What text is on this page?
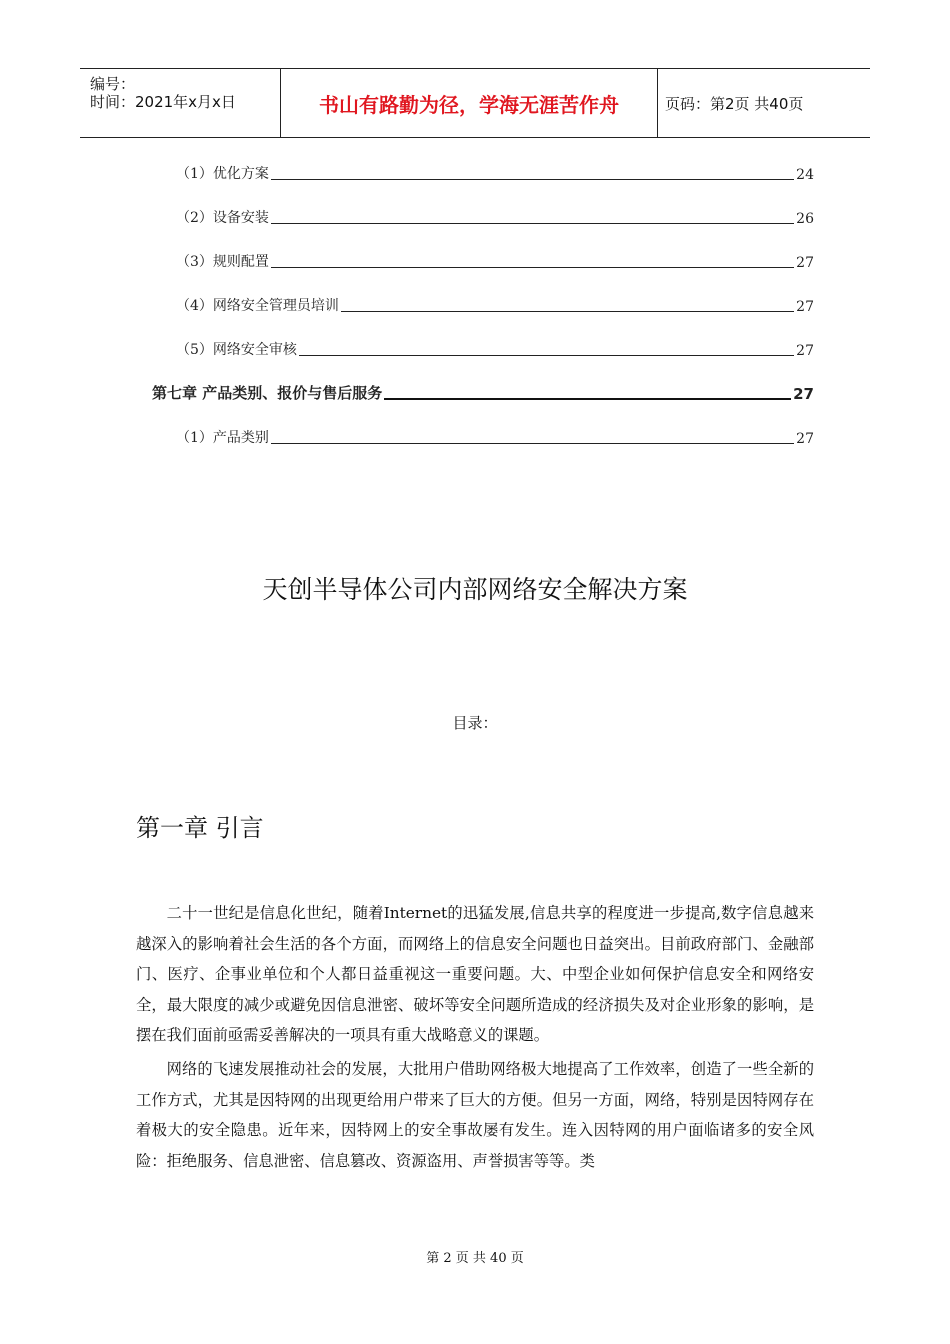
编号：
时间：2021年x月x日	书山有路勤为径，学海无涯苦作舟	页码：第2页 共40页
（1）优化方案	24
（2）设备安装	26
（3）规则配置	27
（4）网络安全管理员培训	27
（5）网络安全审核	27
第七章 产品类别、报价与售后服务	27
（1）产品类别	27
天创半导体公司内部网络安全解决方案
目录：
第一章 引言

二十一世纪是信息化世纪，随着Internet的迅猛发展,信息共享的程度进一步提高,数字信息越来越深入的影响着社会生活的各个方面，而网络上的信息安全问题也日益突出。目前政府部门、金融部门、医疗、企事业单位和个人都日益重视这一重要问题。大、中型企业如何保护信息安全和网络安全，最大限度的减少或避免因信息泄密、破坏等安全问题所造成的经济损失及对企业形象的影响，是摆在我们面前亟需妥善解决的一项具有重大战略意义的课题。

网络的飞速发展推动社会的发展，大批用户借助网络极大地提高了工作效率，创造了一些全新的工作方式，尤其是因特网的出现更给用户带来了巨大的方便。但另一方面，网络，特别是因特网存在着极大的安全隐患。近年来，因特网上的安全事故屡有发生。连入因特网的用户面临诸多的安全风险：拒绝服务、信息泄密、信息篡改、资源盗用、声誉损害等等。类

第 2 页 共 40 页
